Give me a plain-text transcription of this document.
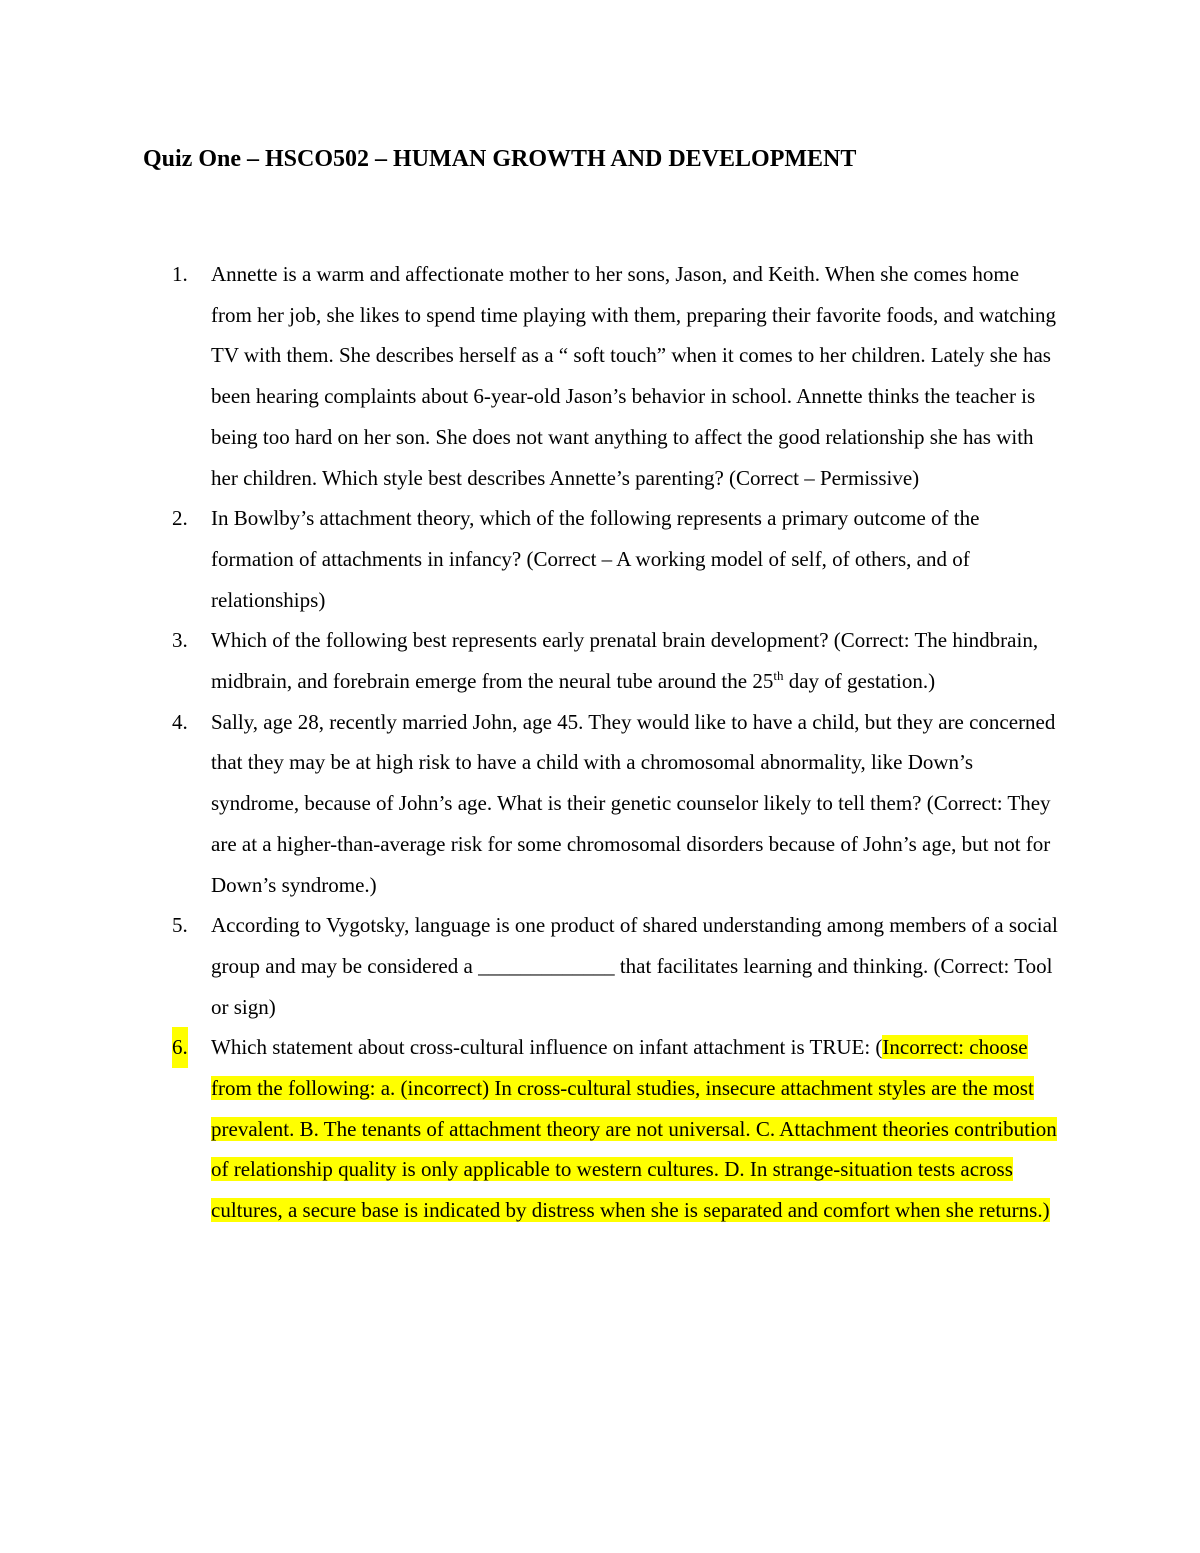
Quiz One – HSCO502 – HUMAN GROWTH AND DEVELOPMENT
1. Annette is a warm and affectionate mother to her sons, Jason, and Keith. When she comes home from her job, she likes to spend time playing with them, preparing their favorite foods, and watching TV with them. She describes herself as a “ soft touch” when it comes to her children. Lately she has been hearing complaints about 6-year-old Jason’s behavior in school. Annette thinks the teacher is being too hard on her son. She does not want anything to affect the good relationship she has with her children. Which style best describes Annette’s parenting? (Correct – Permissive)
2. In Bowlby’s attachment theory, which of the following represents a primary outcome of the formation of attachments in infancy? (Correct – A working model of self, of others, and of relationships)
3. Which of the following best represents early prenatal brain development? (Correct: The hindbrain, midbrain, and forebrain emerge from the neural tube around the 25th day of gestation.)
4. Sally, age 28, recently married John, age 45. They would like to have a child, but they are concerned that they may be at high risk to have a child with a chromosomal abnormality, like Down’s syndrome, because of John’s age. What is their genetic counselor likely to tell them? (Correct: They are at a higher-than-average risk for some chromosomal disorders because of John’s age, but not for Down’s syndrome.)
5. According to Vygotsky, language is one product of shared understanding among members of a social group and may be considered a _____________ that facilitates learning and thinking. (Correct: Tool or sign)
6. Which statement about cross-cultural influence on infant attachment is TRUE: (Incorrect: choose from the following: a. (incorrect) In cross-cultural studies, insecure attachment styles are the most prevalent. B. The tenants of attachment theory are not universal. C. Attachment theories contribution of relationship quality is only applicable to western cultures. D. In strange-situation tests across cultures, a secure base is indicated by distress when she is separated and comfort when she returns.)
